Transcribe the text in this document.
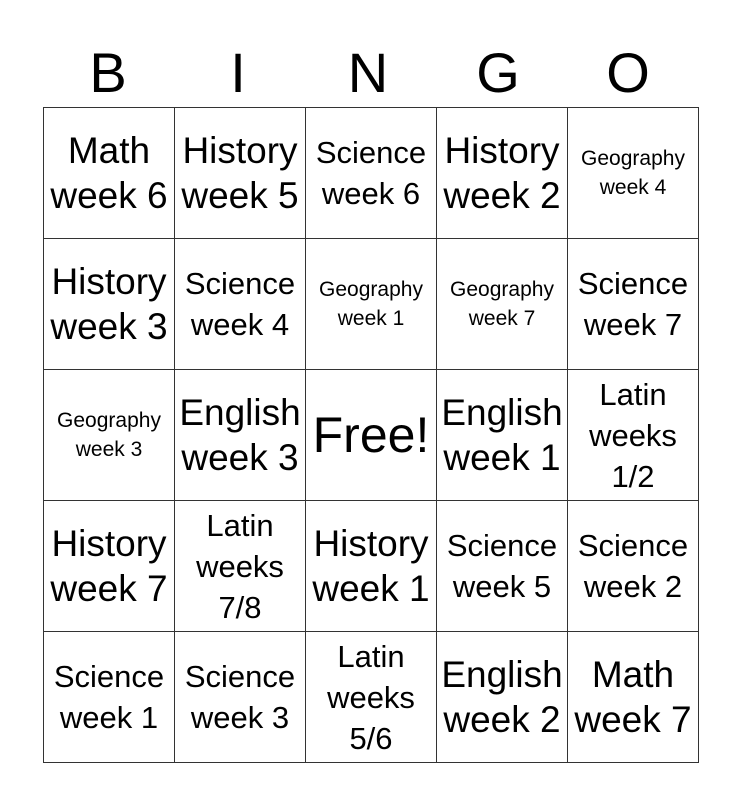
B	I	N	G	O
Math
week 6	History
week 5	Science
week 6	History
week 2	Geography
week 4

History
week 3	Science
week 4	Geography
week 1	Geography
week 7	Science
week 7

Geography
week 3	English
week 3	Free!	English
week 1	Latin
weeks
1/2

History
week 7	Latin
weeks
7/8	History
week 1	Science
week 5	Science
week 2

Science
week 1	Science
week 3	Latin
weeks
5/6	English
week 2	Math
week 7
